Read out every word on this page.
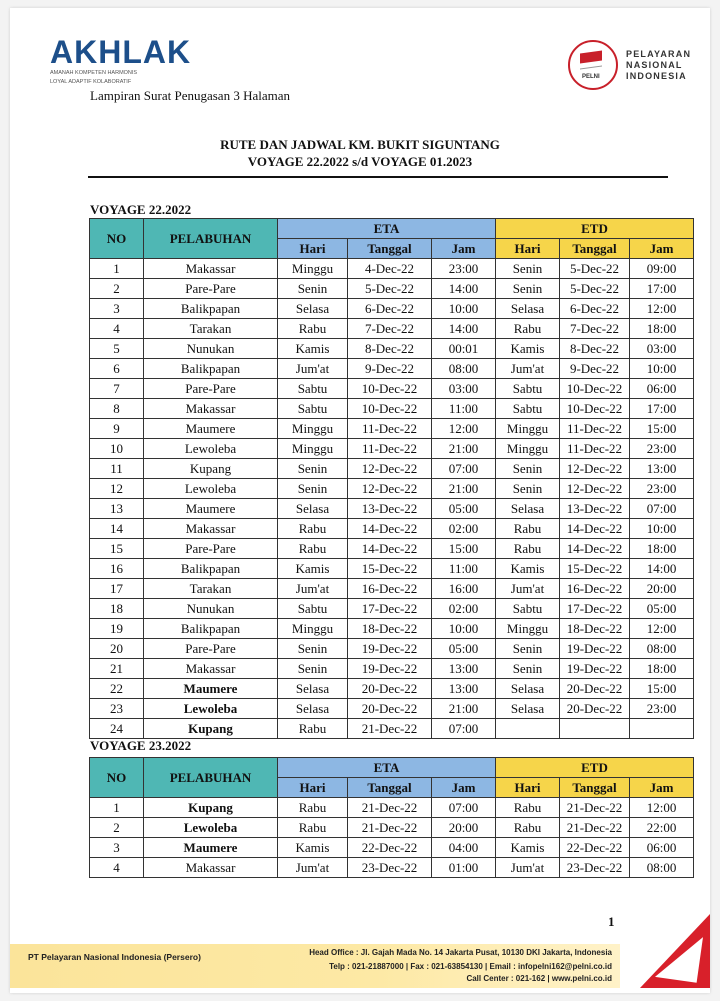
AKHLAK
AMANAH KOMPETEN HARMONIS
LOYAL ADAPTIF KOLABORATIF
PELNI
PELAYARAN
NASIONAL
INDONESIA
Lampiran Surat Penugasan 3 Halaman
RUTE DAN JADWAL KM. BUKIT SIGUNTANG
VOYAGE 22.2022 s/d VOYAGE 01.2023
VOYAGE 22.2022
NO	PELABUHAN	ETA			ETD		
		Hari	Tanggal	Jam	Hari	Tanggal	Jam
1	Makassar	Minggu	4-Dec-22	23:00	Senin	5-Dec-22	09:00
2	Pare-Pare	Senin	5-Dec-22	14:00	Senin	5-Dec-22	17:00
3	Balikpapan	Selasa	6-Dec-22	10:00	Selasa	6-Dec-22	12:00
4	Tarakan	Rabu	7-Dec-22	14:00	Rabu	7-Dec-22	18:00
5	Nunukan	Kamis	8-Dec-22	00:01	Kamis	8-Dec-22	03:00
6	Balikpapan	Jum'at	9-Dec-22	08:00	Jum'at	9-Dec-22	10:00
7	Pare-Pare	Sabtu	10-Dec-22	03:00	Sabtu	10-Dec-22	06:00
8	Makassar	Sabtu	10-Dec-22	11:00	Sabtu	10-Dec-22	17:00
9	Maumere	Minggu	11-Dec-22	12:00	Minggu	11-Dec-22	15:00
10	Lewoleba	Minggu	11-Dec-22	21:00	Minggu	11-Dec-22	23:00
11	Kupang	Senin	12-Dec-22	07:00	Senin	12-Dec-22	13:00
12	Lewoleba	Senin	12-Dec-22	21:00	Senin	12-Dec-22	23:00
13	Maumere	Selasa	13-Dec-22	05:00	Selasa	13-Dec-22	07:00
14	Makassar	Rabu	14-Dec-22	02:00	Rabu	14-Dec-22	10:00
15	Pare-Pare	Rabu	14-Dec-22	15:00	Rabu	14-Dec-22	18:00
16	Balikpapan	Kamis	15-Dec-22	11:00	Kamis	15-Dec-22	14:00
17	Tarakan	Jum'at	16-Dec-22	16:00	Jum'at	16-Dec-22	20:00
18	Nunukan	Sabtu	17-Dec-22	02:00	Sabtu	17-Dec-22	05:00
19	Balikpapan	Minggu	18-Dec-22	10:00	Minggu	18-Dec-22	12:00
20	Pare-Pare	Senin	19-Dec-22	05:00	Senin	19-Dec-22	08:00
21	Makassar	Senin	19-Dec-22	13:00	Senin	19-Dec-22	18:00
22	Maumere	Selasa	20-Dec-22	13:00	Selasa	20-Dec-22	15:00
23	Lewoleba	Selasa	20-Dec-22	21:00	Selasa	20-Dec-22	23:00
24	Kupang	Rabu	21-Dec-22	07:00			
VOYAGE 23.2022
NO	PELABUHAN	ETA			ETD		
		Hari	Tanggal	Jam	Hari	Tanggal	Jam
1	Kupang	Rabu	21-Dec-22	07:00	Rabu	21-Dec-22	12:00
2	Lewoleba	Rabu	21-Dec-22	20:00	Rabu	21-Dec-22	22:00
3	Maumere	Kamis	22-Dec-22	04:00	Kamis	22-Dec-22	06:00
4	Makassar	Jum'at	23-Dec-22	01:00	Jum'at	23-Dec-22	08:00
1
PT Pelayaran Nasional Indonesia (Persero)	Head Office : Jl. Gajah Mada No. 14 Jakarta Pusat, 10130 DKI Jakarta, Indonesia
Telp : 021-21887000 | Fax : 021-63854130 | Email : infopelni162@pelni.co.id
Call Center : 021-162 | www.pelni.co.id
